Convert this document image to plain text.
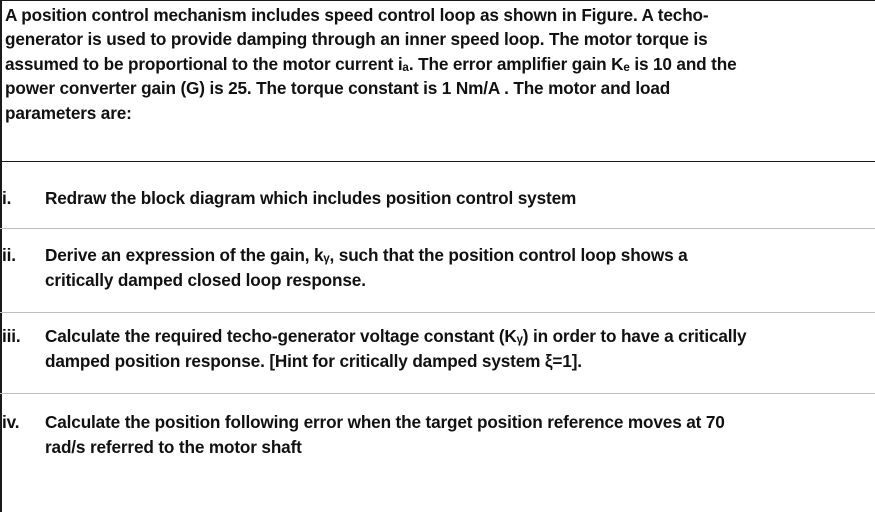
A position control mechanism includes speed control loop as shown in Figure. A techo-

generator is used to provide damping through an inner speed loop. The motor torque is

assumed to be proportional to the motor current iₐ. The error amplifier gain Kₑ is 10 and the

power converter gain (G) is 25. The torque constant is 1 Nm/A . The motor and load

parameters are:

i.	Redraw the block diagram which includes position control system
ii.	Derive an expression of the gain, kᵧ, such that the position control loop shows a
critically damped closed loop response.
iii.	Calculate the required techo-generator voltage constant (Kᵧ) in order to have a critically
damped position response. [Hint for critically damped system ξ=1].
iv.	Calculate the position following error when the target position reference moves at 70
rad/s referred to the motor shaft
